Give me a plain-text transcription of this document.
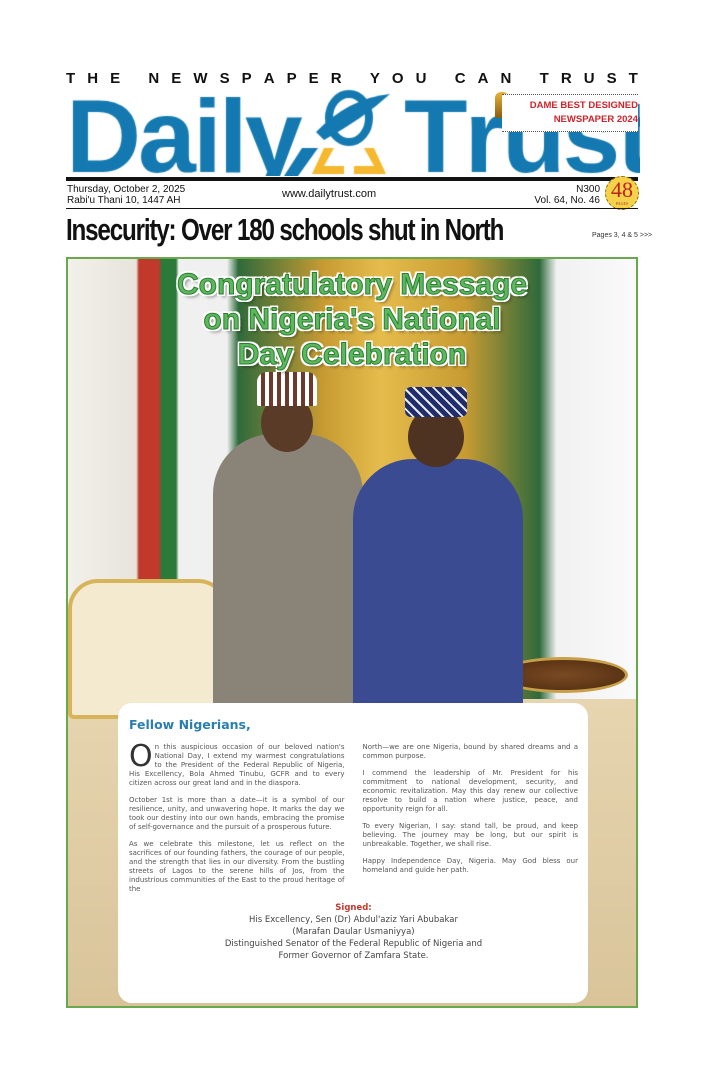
T H E
N E W S P A P E R
Y O U
C A N
T R U S T
DAME BEST DESIGNED
NEWSPAPER 2024
Thursday, October 2, 2025
Rabi'u Thani 10, 1447 AH
www.dailytrust.com	N300
Vol. 64, No. 46 48
PAGES
Insecurity: Over 180 schools shut in North	Pages 3, 4 & 5 >>>
Congratulatory Message
on Nigeria's National
Day Celebration
Fellow Nigerians,

On this auspicious occasion of our beloved nation's National Day, I extend my warmest congratulations to the President of the Federal Republic of Nigeria, His Excellency, Bola Ahmed Tinubu, GCFR and to every citizen across our great land and in the diaspora.

October 1st is more than a date—it is a symbol of our resilience, unity, and unwavering hope. It marks the day we took our destiny into our own hands, embracing the promise of self-governance and the pursuit of a prosperous future.

As we celebrate this milestone, let us reflect on the sacrifices of our founding fathers, the courage of our people, and the strength that lies in our diversity. From the bustling streets of Lagos to the serene hills of Jos, from the industrious communities of the East to the proud heritage of the

North—we are one Nigeria, bound by shared dreams and a common purpose.

I commend the leadership of Mr. President for his commitment to national development, security, and economic revitalization. May this day renew our collective resolve to build a nation where justice, peace, and opportunity reign for all.

To every Nigerian, I say: stand tall, be proud, and keep believing. The journey may be long, but our spirit is unbreakable. Together, we shall rise.

Happy Independence Day, Nigeria. May God bless our homeland and guide her path.

Signed:
His Excellency, Sen (Dr) Abdul'aziz Yari Abubakar
(Marafan Daular Usmaniyya)
Distinguished Senator of the Federal Republic of Nigeria and
Former Governor of Zamfara State.
